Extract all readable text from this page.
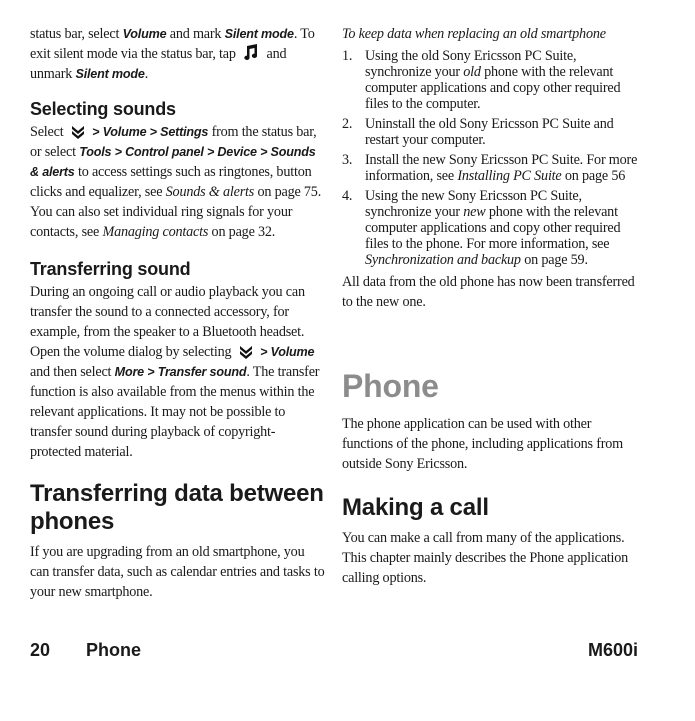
status bar, select Volume and mark Silent mode. To exit silent mode via the status bar, tap  and unmark Silent mode.

Selecting sounds

Select  > Volume > Settings from the status bar, or select Tools > Control panel > Device > Sounds & alerts to access settings such as ringtones, button clicks and equalizer, see Sounds & alerts on page 75. You can also set individual ring signals for your contacts, see Managing contacts on page 32.

Transferring sound

During an ongoing call or audio playback you can transfer the sound to a connected accessory, for example, from the speaker to a Bluetooth headset. Open the volume dialog by selecting  > Volume and then select More > Transfer sound. The transfer function is also available from the menus within the relevant applications. It may not be possible to transfer sound during playback of copyright-protected material.

Transferring data between phones

If you are upgrading from an old smartphone, you can transfer data, such as calendar entries and tasks to your new smartphone.

To keep data when replacing an old smartphone

1. Using the old Sony Ericsson PC Suite, synchronize your old phone with the relevant computer applications and copy other required files to the computer.
2. Uninstall the old Sony Ericsson PC Suite and restart your computer.
3. Install the new Sony Ericsson PC Suite. For more information, see Installing PC Suite on page 56
4. Using the new Sony Ericsson PC Suite, synchronize your new phone with the relevant computer applications and copy other required files to the phone. For more information, see Synchronization and backup on page 59.

All data from the old phone has now been transferred to the new one.

Phone

The phone application can be used with other functions of the phone, including applications from outside Sony Ericsson.

Making a call

You can make a call from many of the applications. This chapter mainly describes the Phone application calling options.

20 Phone	M600i
